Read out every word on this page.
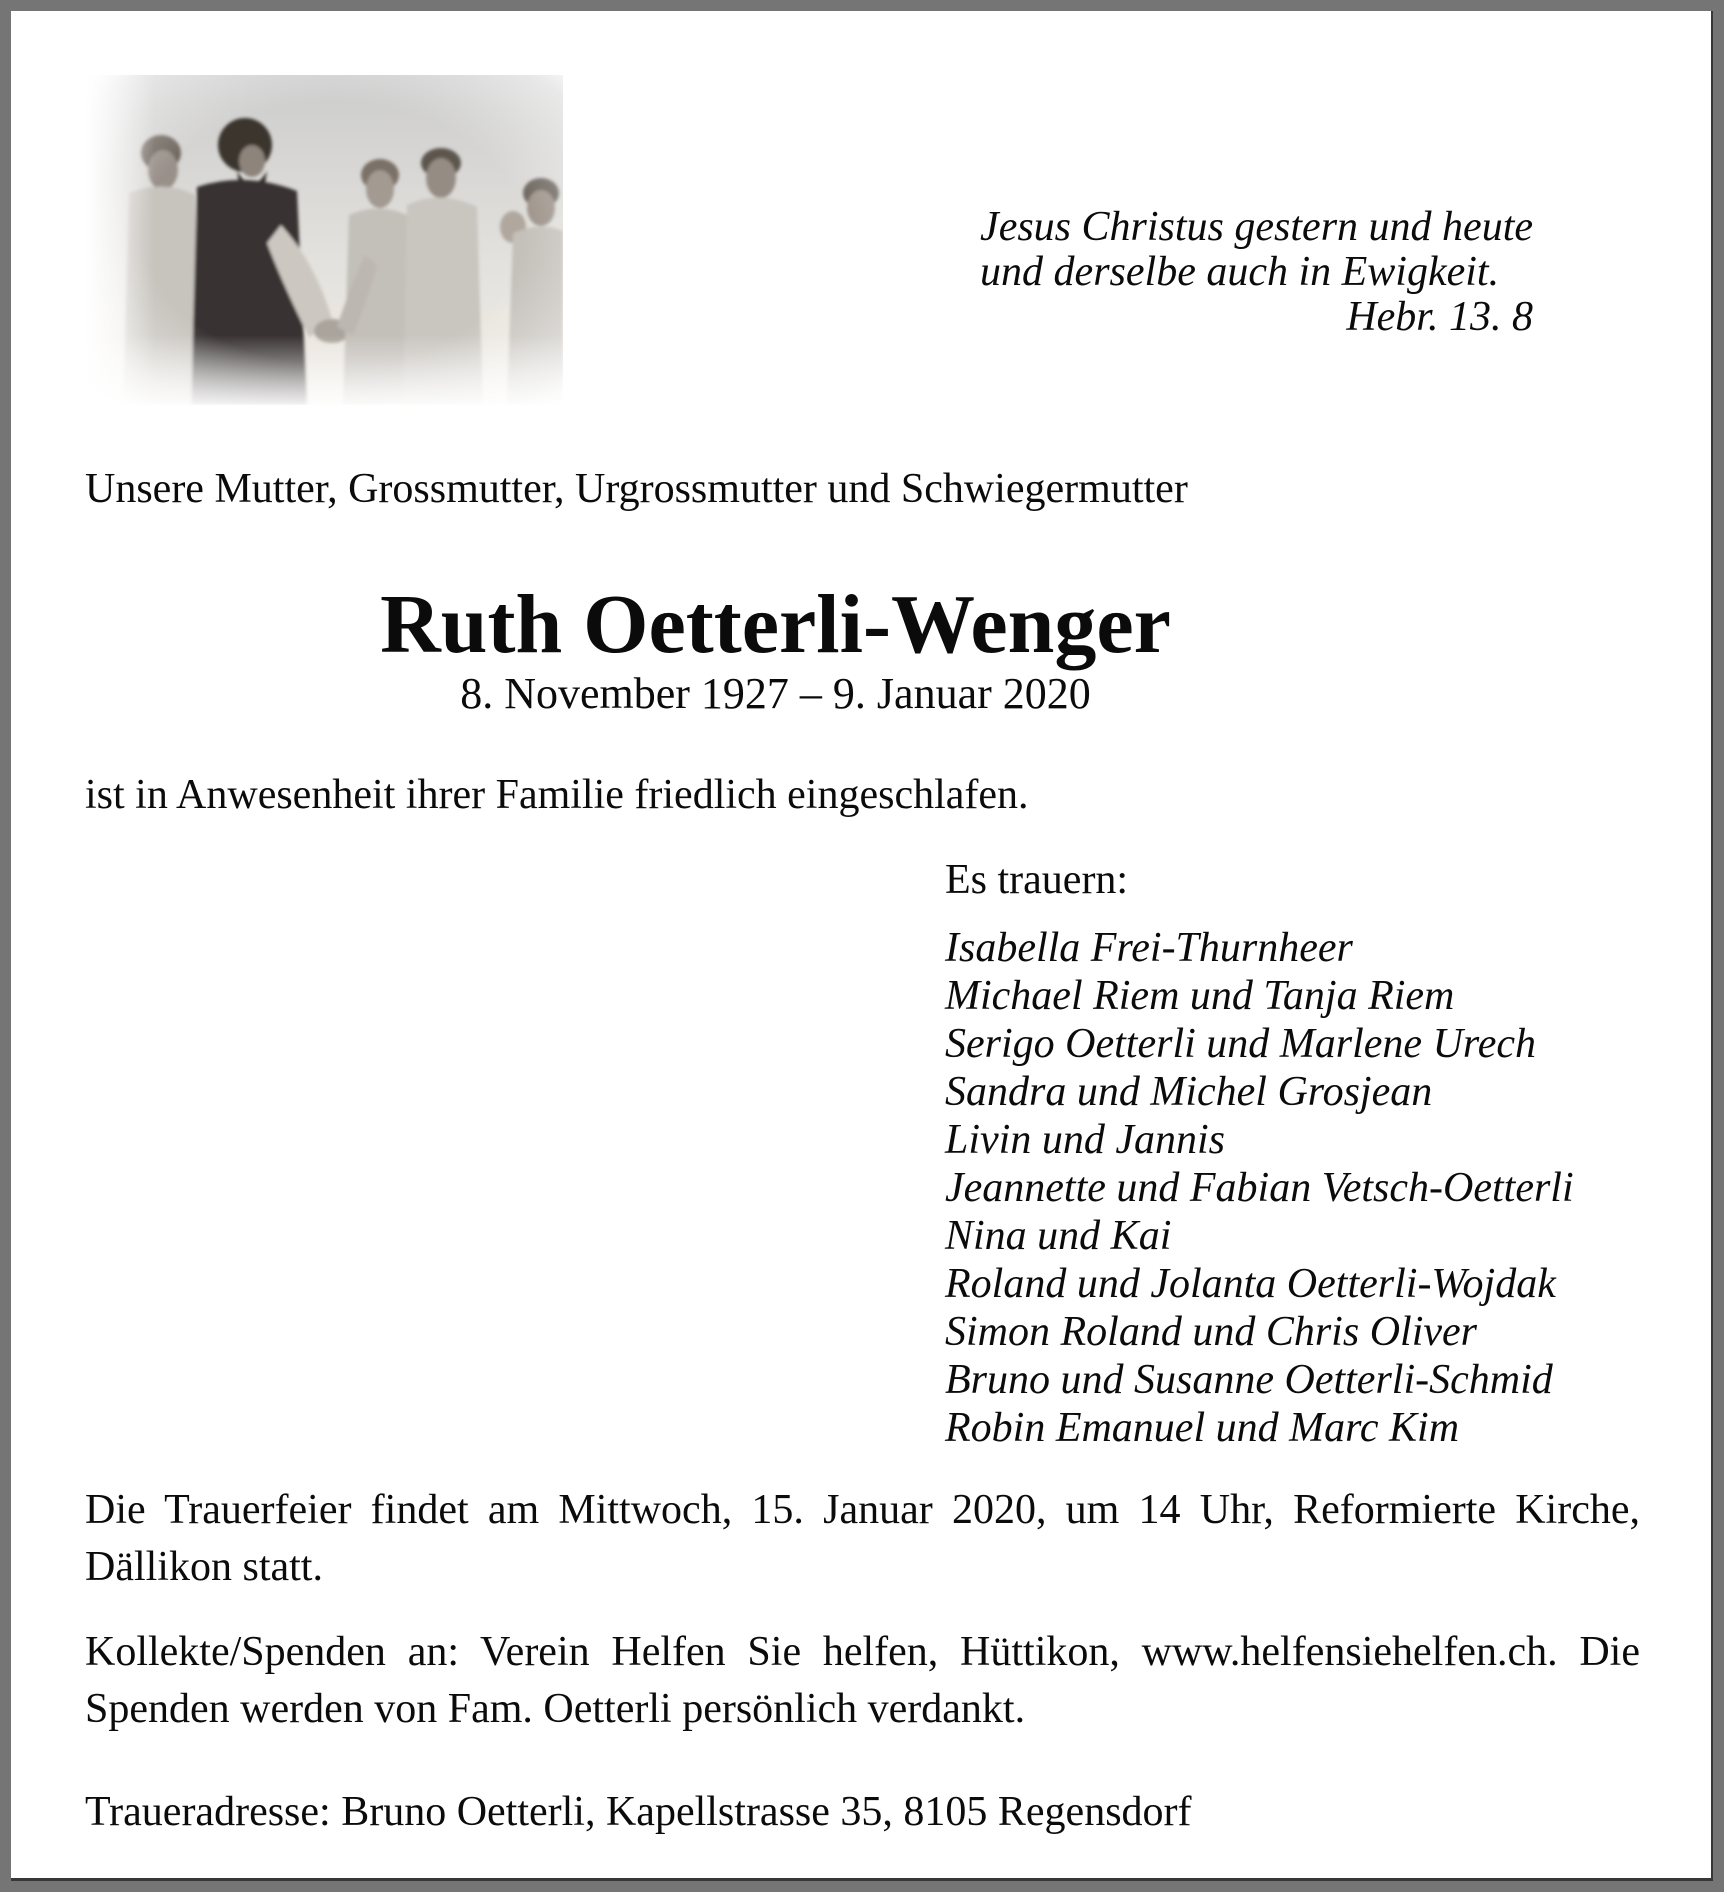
Jesus Christus gestern und heute
und derselbe auch in Ewigkeit.
Hebr. 13. 8
Unsere Mutter, Grossmutter, Urgrossmutter und Schwiegermutter
Ruth Oetterli-Wenger
8. November 1927 – 9. Januar 2020
ist in Anwesenheit ihrer Familie friedlich eingeschlafen.
Es trauern:
Isabella Frei-Thurnheer
Michael Riem und Tanja Riem
Serigo Oetterli und Marlene Urech
Sandra und Michel Grosjean
Livin und Jannis
Jeannette und Fabian Vetsch-Oetterli
Nina und Kai
Roland und Jolanta Oetterli-Wojdak
Simon Roland und Chris Oliver
Bruno und Susanne Oetterli-Schmid
Robin Emanuel und Marc Kim
Die Trauerfeier findet am Mittwoch, 15. Januar 2020, um 14 Uhr, Reformierte Kirche, Dällikon statt.
Kollekte/Spenden an: Verein Helfen Sie helfen, Hüttikon, www.helfensiehelfen.ch. Die Spenden werden von Fam. Oetterli persönlich verdankt.
Traueradresse: Bruno Oetterli, Kapellstrasse 35, 8105 Regensdorf
